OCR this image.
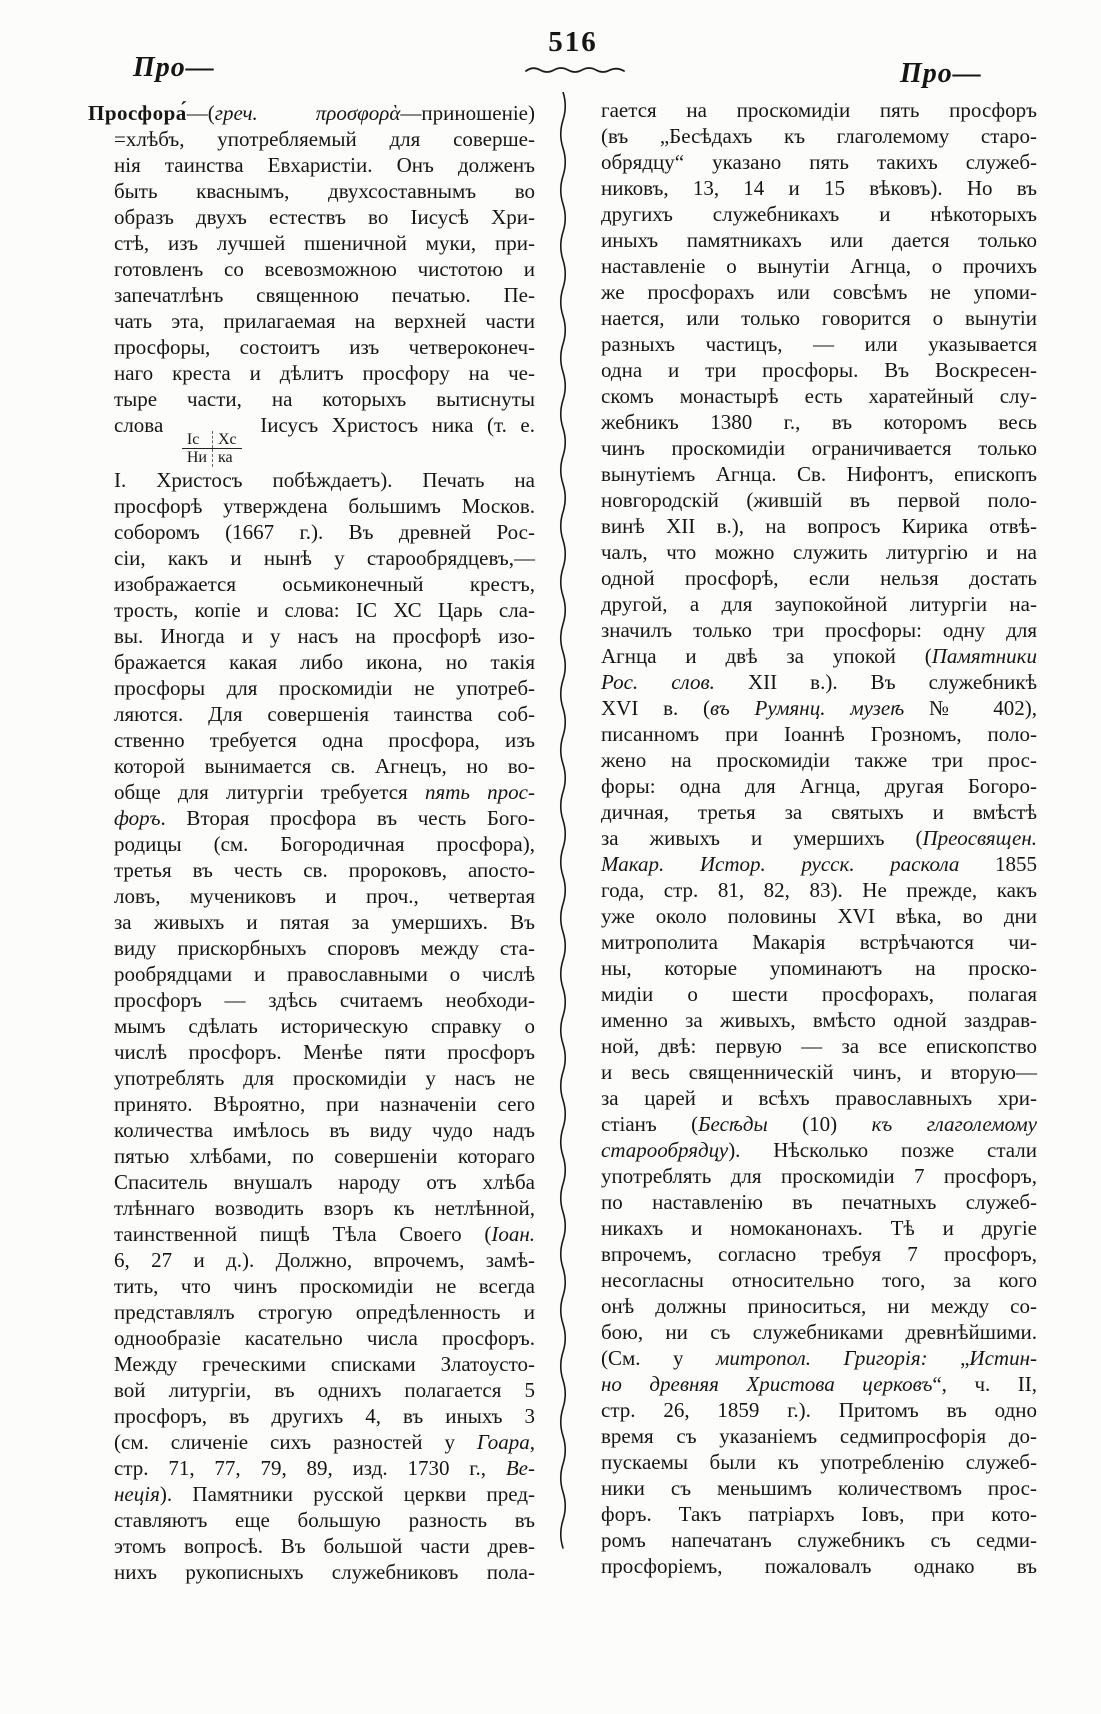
516
Про—	Про—
Просфора́—(греч. προσφορὰ—приношеніе)
=хлѣбъ, употребляемый для соверше-
нія таинства Евхаристіи. Онъ долженъ
быть кваснымъ, двухсоставнымъ во
образъ двухъ естествъ во Іисусѣ Хри-
стѣ, изъ лучшей пшеничной муки, при-
готовленъ со всевозможною чистотою и
запечатлѣнъ священною печатью. Пе-
чать эта, прилагаемая на верхней части
просфоры, состоитъ изъ четвероконеч-
наго креста и дѣлитъ просфору на че-
тыре части, на которыхъ вытиснуты
слова Іс	Хс
Ни	ка Іисусъ Христосъ ника (т. е.
І. Христосъ побѣждаетъ). Печать на
просфорѣ утверждена большимъ Москов.
соборомъ (1667 г.). Въ древней Рос-
сіи, какъ и нынѣ у старообрядцевъ,—
изображается осьмиконечный крестъ,
трость, копіе и слова: ІС ХС Царь сла-
вы. Иногда и у насъ на просфорѣ изо-
бражается какая либо икона, но такія
просфоры для проскомидіи не употреб-
ляются. Для совершенія таинства соб-
ственно требуется одна просфора, изъ
которой вынимается св. Агнецъ, но во-
обще для литургіи требуется пять прос-
форъ. Вторая просфора въ честь Бого-
родицы (см. Богородичная просфора),
третья въ честь св. пророковъ, апосто-
ловъ, мучениковъ и проч., четвертая
за живыхъ и пятая за умершихъ. Въ
виду прискорбныхъ споровъ между ста-
рообрядцами и православными о числѣ
просфоръ — здѣсь считаемъ необходи-
мымъ сдѣлать историческую справку о
числѣ просфоръ. Менѣе пяти просфоръ
употреблять для проскомидіи у насъ не
принято. Вѣроятно, при назначеніи сего
количества имѣлось въ виду чудо надъ
пятью хлѣбами, по совершеніи котораго
Спаситель внушалъ народу отъ хлѣба
тлѣннаго возводить взоръ къ нетлѣнной,
таинственной пищѣ Тѣла Своего (Іоан.
6, 27 и д.). Должно, впрочемъ, замѣ-
тить, что чинъ проскомидіи не всегда
представлялъ строгую опредѣленность и
однообразіе касательно числа просфоръ.
Между греческими списками Златоусто-
вой литургіи, въ однихъ полагается 5
просфоръ, въ другихъ 4, въ иныхъ 3
(см. сличеніе сихъ разностей у Гоара,
стр. 71, 77, 79, 89, изд. 1730 г., Ве-
неція). Памятники русской церкви пред-
ставляютъ еще большую разность въ
этомъ вопросѣ. Въ большой части древ-
нихъ рукописныхъ служебниковъ пола-
гается на проскомидіи пять просфоръ
(въ „Бесѣдахъ къ глаголемому старо-
обрядцу“ указано пять такихъ служеб-
никовъ, 13, 14 и 15 вѣковъ). Но въ
другихъ служебникахъ и нѣкоторыхъ
иныхъ памятникахъ или дается только
наставленіе о вынутіи Агнца, о прочихъ
же просфорахъ или совсѣмъ не упоми-
нается, или только говорится о вынутіи
разныхъ частицъ, — или указывается
одна и три просфоры. Въ Воскресен-
скомъ монастырѣ есть харатейный слу-
жебникъ 1380 г., въ которомъ весь
чинъ проскомидіи ограничивается только
вынутіемъ Агнца. Св. Нифонтъ, епископъ
новгородскій (жившій въ первой поло-
винѣ XII в.), на вопросъ Кирика отвѣ-
чалъ, что можно служить литургію и на
одной просфорѣ, если нельзя достать
другой, а для заупокойной литургіи на-
значилъ только три просфоры: одну для
Агнца и двѣ за упокой (Памятники
Рос. слов. XII в.). Въ служебникѣ
XVI в. (въ Румянц. музеѣ № 402),
писанномъ при Іоаннѣ Грозномъ, поло-
жено на проскомидіи также три прос-
форы: одна для Агнца, другая Богоро-
дичная, третья за святыхъ и вмѣстѣ
за живыхъ и умершихъ (Преосвящен.
Макар. Истор. русск. раскола 1855
года, стр. 81, 82, 83). Не прежде, какъ
уже около половины XVI вѣка, во дни
митрополита Макарія встрѣчаются чи-
ны, которые упоминаютъ на проско-
мидіи о шести просфорахъ, полагая
именно за живыхъ, вмѣсто одной заздрав-
ной, двѣ: первую — за все епископство
и весь священническій чинъ, и вторую—
за царей и всѣхъ православныхъ хри-
стіанъ (Бесѣды (10) къ глаголемому
старообрядцу). Нѣсколько позже стали
употреблять для проскомидіи 7 просфоръ,
по наставленію въ печатныхъ служеб-
никахъ и номоканонахъ. Тѣ и другіе
впрочемъ, согласно требуя 7 просфоръ,
несогласны относительно того, за кого
онѣ должны приноситься, ни между со-
бою, ни съ служебниками древнѣйшими.
(См. у митропол. Григорія: „Истин-
но древняя Христова церковъ“, ч. II,
стр. 26, 1859 г.). Притомъ въ одно
время съ указаніемъ седмипросфорія до-
пускаемы были къ употребленію служеб-
ники съ меньшимъ количествомъ прос-
форъ. Такъ патріархъ Іовъ, при кото-
ромъ напечатанъ служебникъ съ седми-
просфоріемъ, пожаловалъ однако въ
